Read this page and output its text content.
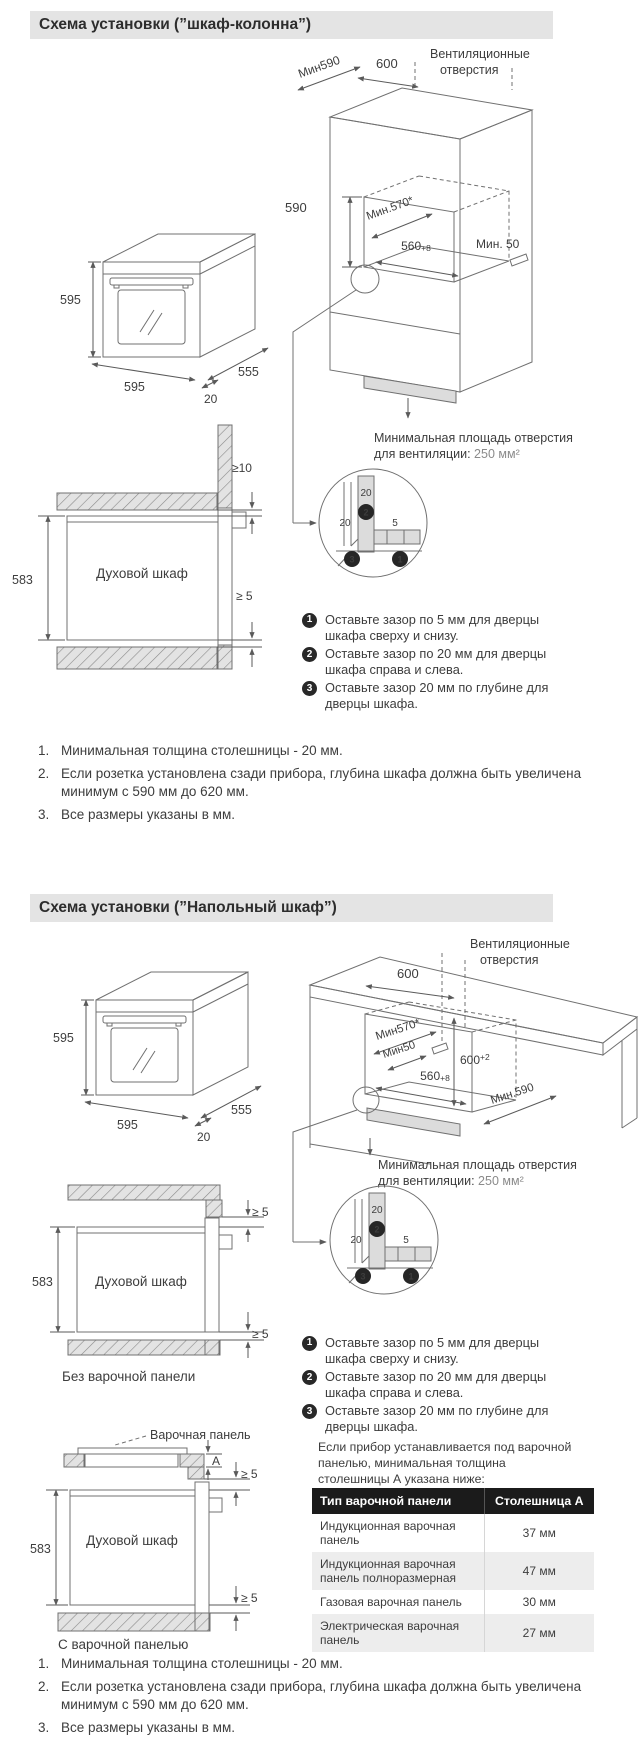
Схема установки (”шкаф-колонна”)
595
595
20
555
Вентиляционные
отверстия
Мин590	600
590	Мин.570*
560+8	Мин. 50
Минимальная площадь отверстия
для вентиляции: 250 мм²
583	Духовой шкаф
≥10
≥ 5
20
2
20	5
1
3
1 Оставьте зазор по 5 мм для дверцы шкафа сверху и снизу.
2 Оставьте зазор по 20 мм для дверцы шкафа справа и слева.
3 Оставьте зазор 20 мм по глубине для дверцы шкафа.
1. Минимальная толщина столешницы - 20 мм.
2. Если розетка установлена сзади прибора, глубина шкафа должна быть увеличена минимум с 590 мм до 620 мм.
3. Все размеры указаны в мм.
Схема установки (”Напольный шкаф”)
595
595
20
555
Вентиляционные
отверстия
600
Мин570*
Мин50	$600^{+2}$
560+8
Мин.590
Минимальная площадь отверстия
для вентиляции: 250 мм²
≥ 5
583	Духовой шкаф
≥ 5
Без варочной панели
20
2
20	5
1
3
1 Оставьте зазор по 5 мм для дверцы шкафа сверху и снизу.
2 Оставьте зазор по 20 мм для дверцы шкафа справа и слева.
3 Оставьте зазор 20 мм по глубине для дверцы шкафа.
Варочная панель
A
≥ 5
583
Духовой шкаф
≥ 5
С варочной панелью
Если прибор устанавливается под варочной панелью, минимальная толщина столешницы А указана ниже:
Тип варочной панели	Столешница А
Индукционная варочная панель	37 мм
Индукционная варочная панель полноразмерная	47 мм
Газовая варочная панель	30 мм
Электрическая варочная панель	27 мм
1. Минимальная толщина столешницы - 20 мм.
2. Если розетка установлена сзади прибора, глубина шкафа должна быть увеличена минимум с 590 мм до 620 мм.
3. Все размеры указаны в мм.
